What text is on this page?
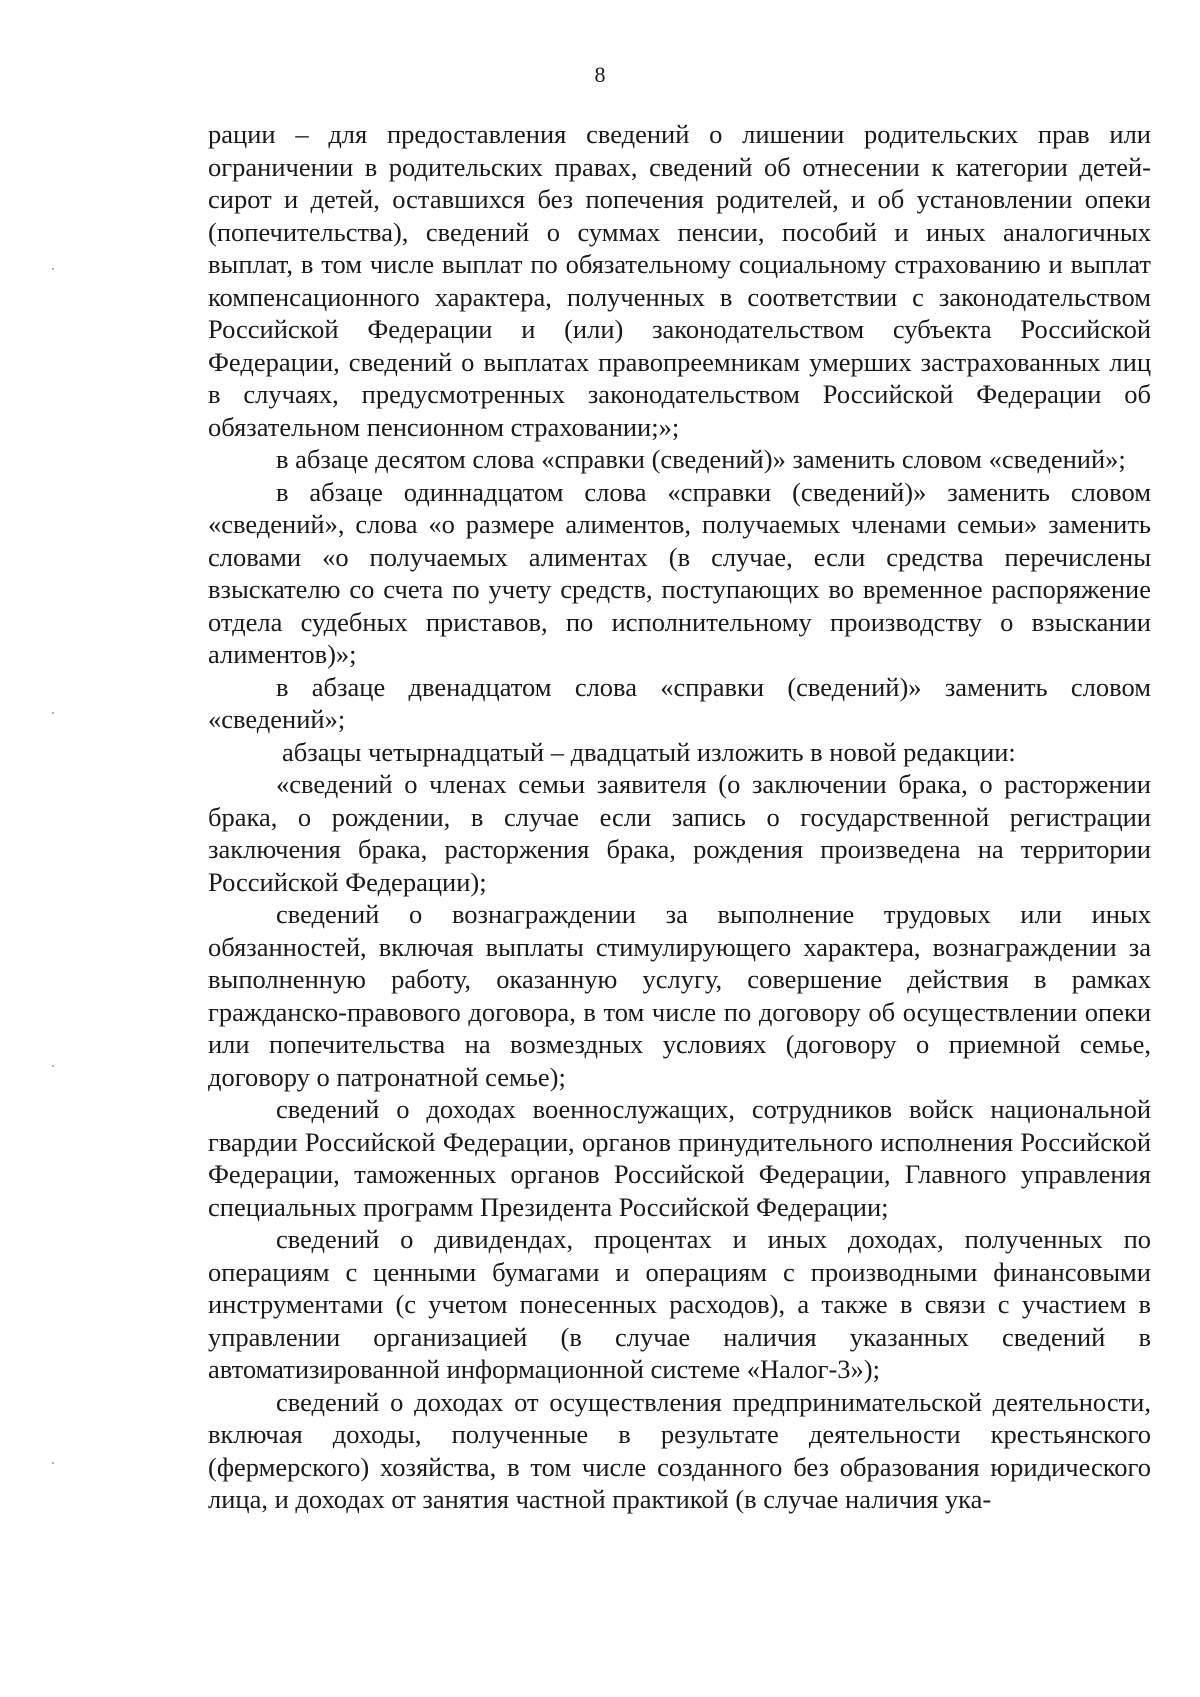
8

рации – для предоставления сведений о лишении родительских прав или ограничении в родительских правах, сведений об отнесении к категории детей-сирот и детей, оставшихся без попечения родителей, и об установлении опеки (попечительства), сведений о суммах пенсии, пособий и иных аналогичных выплат, в том числе выплат по обязательному социальному страхованию и выплат компенсационного характера, полученных в соответствии с законодательством Российской Федерации и (или) законодательством субъекта Российской Федерации, сведений о выплатах правопреемникам умерших застрахованных лиц в случаях, предусмотренных законодательством Российской Федерации об обязательном пенсионном страховании;»;

в абзаце десятом слова «справки (сведений)» заменить словом «сведений»;

в абзаце одиннадцатом слова «справки (сведений)» заменить словом «сведений», слова «о размере алиментов, получаемых членами семьи» заменить словами «о получаемых алиментах (в случае, если средства перечислены взыскателю со счета по учету средств, поступающих во временное распоряжение отдела судебных приставов, по исполнительному производству о взыскании алиментов)»;

в абзаце двенадцатом слова «справки (сведений)» заменить словом «сведений»;

абзацы четырнадцатый – двадцатый изложить в новой редакции:

«сведений о членах семьи заявителя (о заключении брака, о расторжении брака, о рождении, в случае если запись о государственной регистрации заключения брака, расторжения брака, рождения произведена на территории Российской Федерации);

сведений о вознаграждении за выполнение трудовых или иных обязанностей, включая выплаты стимулирующего характера, вознаграждении за выполненную работу, оказанную услугу, совершение действия в рамках гражданско-правового договора, в том числе по договору об осуществлении опеки или попечительства на возмездных условиях (договору о приемной семье, договору о патронатной семье);

сведений о доходах военнослужащих, сотрудников войск национальной гвардии Российской Федерации, органов принудительного исполнения Российской Федерации, таможенных органов Российской Федерации, Главного управления специальных программ Президента Российской Федерации;

сведений о дивидендах, процентах и иных доходах, полученных по операциям с ценными бумагами и операциям с производными финансовыми инструментами (с учетом понесенных расходов), а также в связи с участием в управлении организацией (в случае наличия указанных сведений в автоматизированной информационной системе «Налог-3»);

сведений о доходах от осуществления предпринимательской деятельности, включая доходы, полученные в результате деятельности крестьянского (фермерского) хозяйства, в том числе созданного без образования юридического лица, и доходах от занятия частной практикой (в случае наличия ука-
